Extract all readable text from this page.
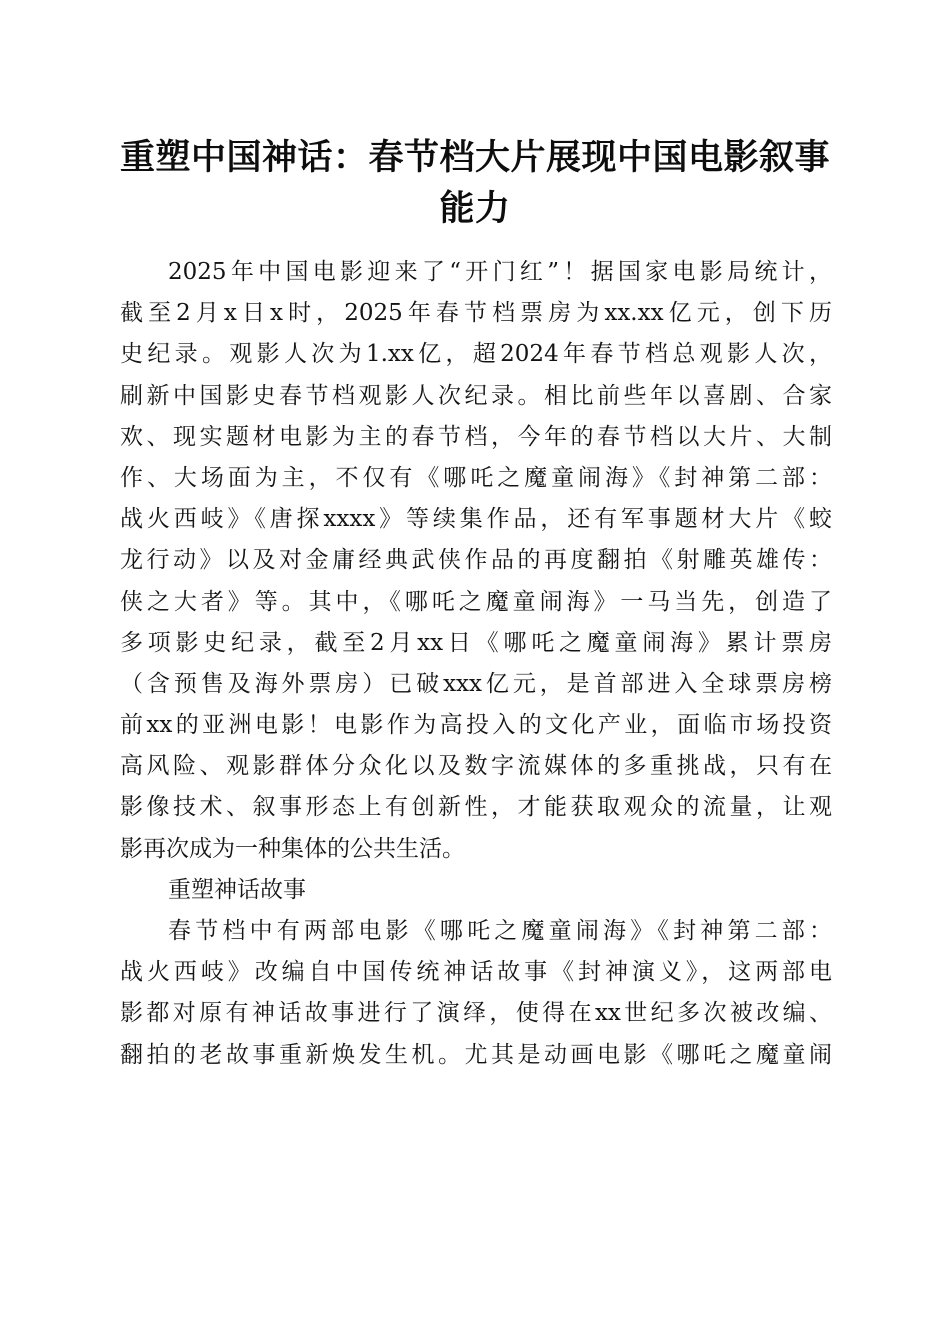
重塑中国神话：春节档大片展现中国电影叙事
能力
2025年中国电影迎来了“开门红”！据国家电影局统计，
截至2月x日x时，2025年春节档票房为xx.xx亿元，创下历
史纪录。观影人次为1.xx亿，超2024年春节档总观影人次，
刷新中国影史春节档观影人次纪录。相比前些年以喜剧、合家
欢、现实题材电影为主的春节档，今年的春节档以大片、大制
作、大场面为主，不仅有《哪吒之魔童闹海》《封神第二部：
战火西岐》《唐探xxxx》等续集作品，还有军事题材大片《蛟
龙行动》以及对金庸经典武侠作品的再度翻拍《射雕英雄传：
侠之大者》等。其中，《哪吒之魔童闹海》一马当先，创造了
多项影史纪录，截至2月xx日《哪吒之魔童闹海》累计票房
（含预售及海外票房）已破xxx亿元，是首部进入全球票房榜
前xx的亚洲电影！电影作为高投入的文化产业，面临市场投资
高风险、观影群体分众化以及数字流媒体的多重挑战，只有在
影像技术、叙事形态上有创新性，才能获取观众的流量，让观
影再次成为一种集体的公共生活。
重塑神话故事
春节档中有两部电影《哪吒之魔童闹海》《封神第二部：
战火西岐》改编自中国传统神话故事《封神演义》，这两部电
影都对原有神话故事进行了演绎，使得在xx世纪多次被改编、
翻拍的老故事重新焕发生机。尤其是动画电影《哪吒之魔童闹
